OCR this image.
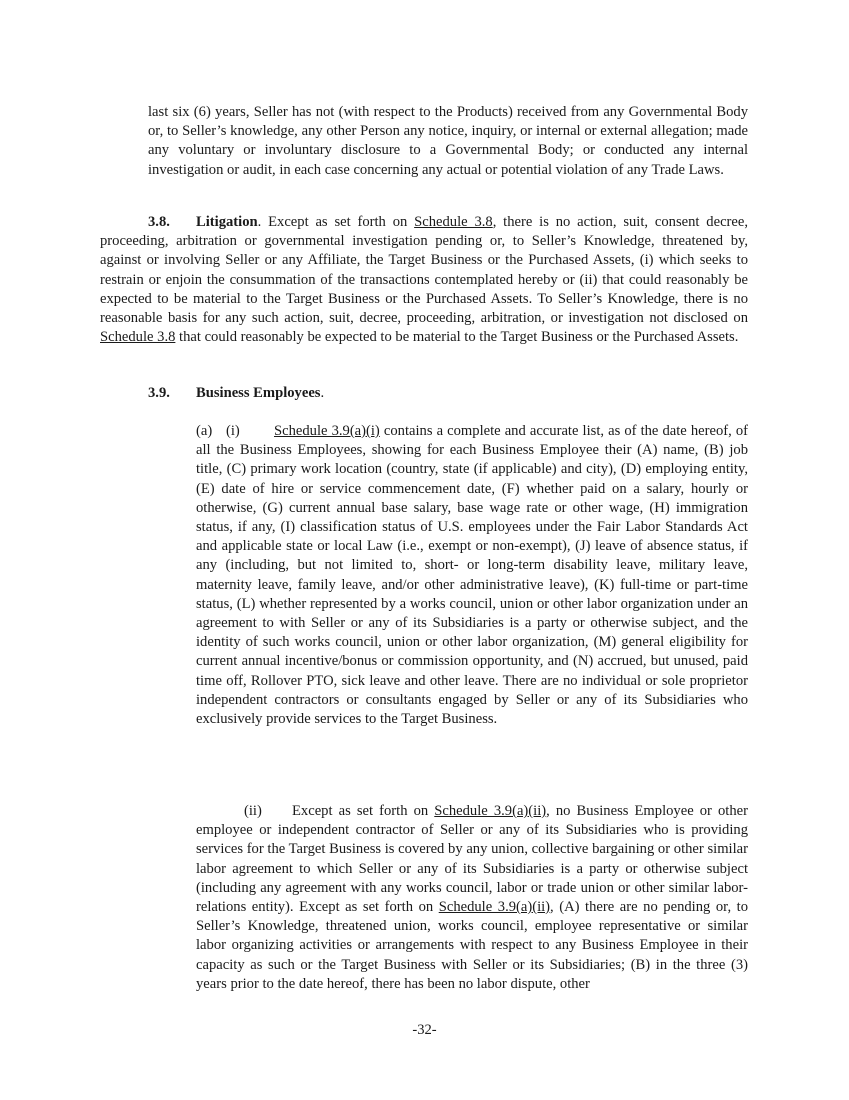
last six (6) years, Seller has not (with respect to the Products) received from any Governmental Body or, to Seller’s knowledge, any other Person any notice, inquiry, or internal or external allegation; made any voluntary or involuntary disclosure to a Governmental Body; or conducted any internal investigation or audit, in each case concerning any actual or potential violation of any Trade Laws.

3.8. Litigation. Except as set forth on Schedule 3.8, there is no action, suit, consent decree, proceeding, arbitration or governmental investigation pending or, to Seller’s Knowledge, threatened by, against or involving Seller or any Affiliate, the Target Business or the Purchased Assets, (i) which seeks to restrain or enjoin the consummation of the transactions contemplated hereby or (ii) that could reasonably be expected to be material to the Target Business or the Purchased Assets. To Seller’s Knowledge, there is no reasonable basis for any such action, suit, decree, proceeding, arbitration, or investigation not disclosed on Schedule 3.8 that could reasonably be expected to be material to the Target Business or the Purchased Assets.

3.9. Business Employees.

(a) (i) Schedule 3.9(a)(i) contains a complete and accurate list, as of the date hereof, of all the Business Employees, showing for each Business Employee their (A) name, (B) job title, (C) primary work location (country, state (if applicable) and city), (D) employing entity, (E) date of hire or service commencement date, (F) whether paid on a salary, hourly or otherwise, (G) current annual base salary, base wage rate or other wage, (H) immigration status, if any, (I) classification status of U.S. employees under the Fair Labor Standards Act and applicable state or local Law (i.e., exempt or non-exempt), (J) leave of absence status, if any (including, but not limited to, short- or long-term disability leave, military leave, maternity leave, family leave, and/or other administrative leave), (K) full-time or part-time status, (L) whether represented by a works council, union or other labor organization under an agreement to with Seller or any of its Subsidiaries is a party or otherwise subject, and the identity of such works council, union or other labor organization, (M) general eligibility for current annual incentive/bonus or commission opportunity, and (N) accrued, but unused, paid time off, Rollover PTO, sick leave and other leave. There are no individual or sole proprietor independent contractors or consultants engaged by Seller or any of its Subsidiaries who exclusively provide services to the Target Business.

(ii) Except as set forth on Schedule 3.9(a)(ii), no Business Employee or other employee or independent contractor of Seller or any of its Subsidiaries who is providing services for the Target Business is covered by any union, collective bargaining or other similar labor agreement to which Seller or any of its Subsidiaries is a party or otherwise subject (including any agreement with any works council, labor or trade union or other similar labor-relations entity). Except as set forth on Schedule 3.9(a)(ii), (A) there are no pending or, to Seller’s Knowledge, threatened union, works council, employee representative or similar labor organizing activities or arrangements with respect to any Business Employee in their capacity as such or the Target Business with Seller or its Subsidiaries; (B) in the three (3) years prior to the date hereof, there has been no labor dispute, other

-32-
